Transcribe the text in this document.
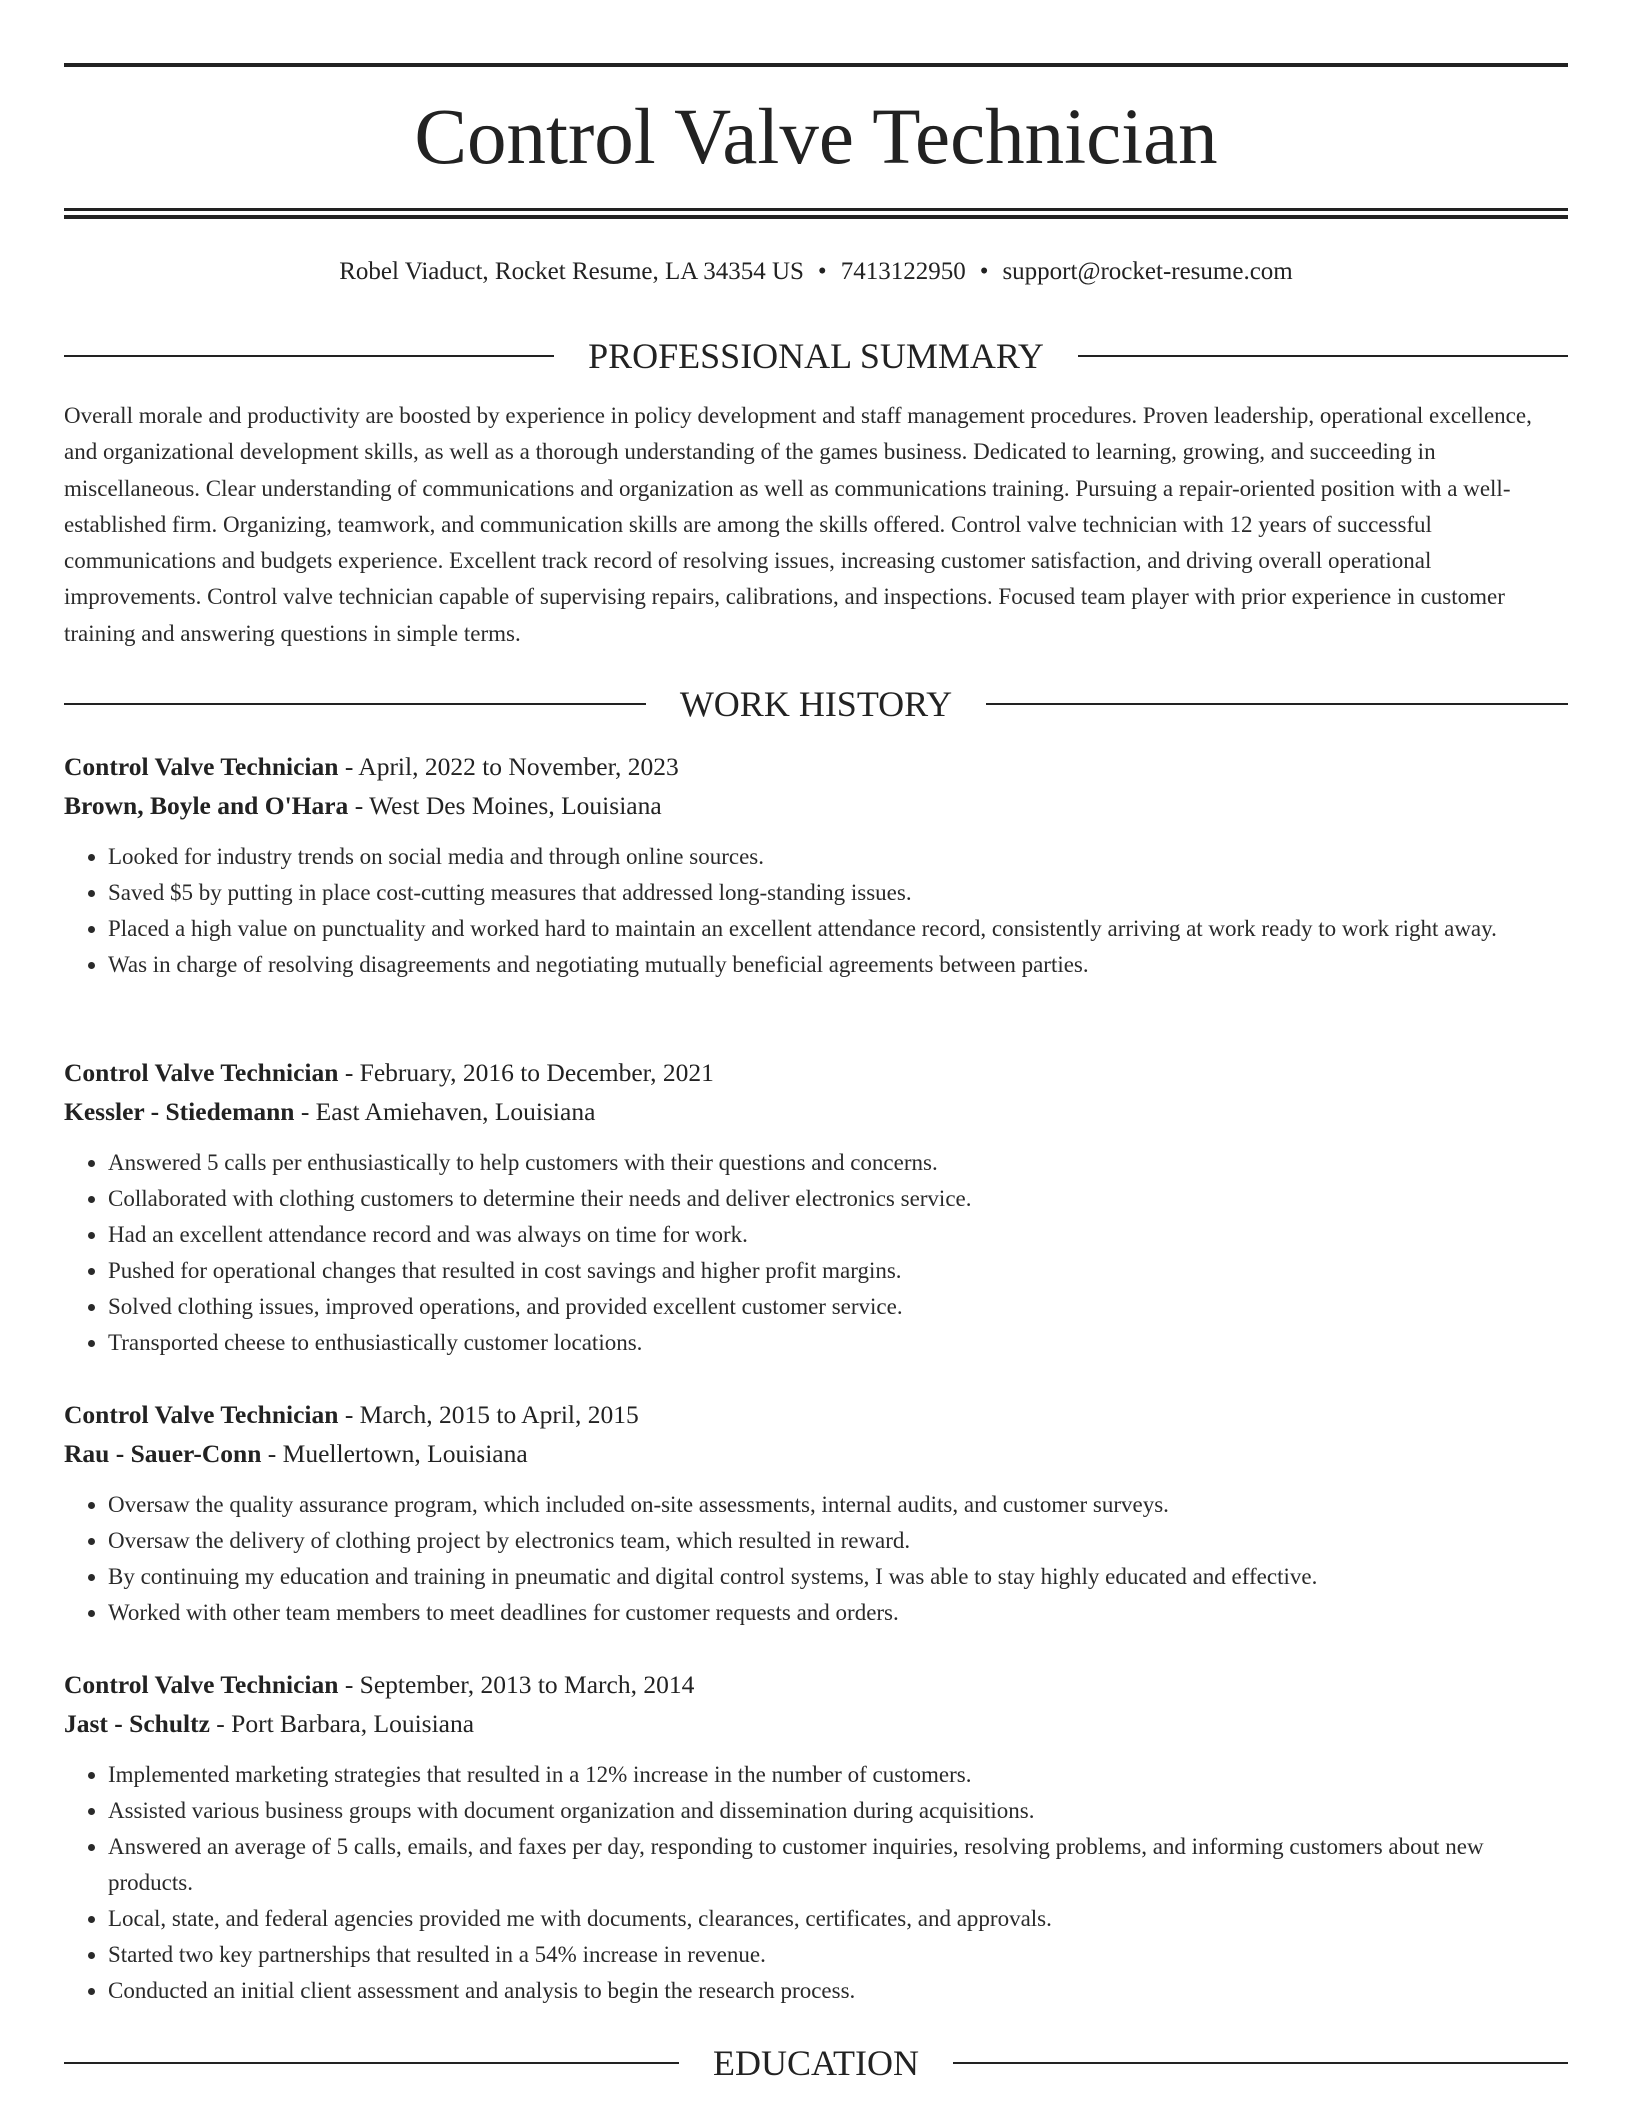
Control Valve Technician
Robel Viaduct, Rocket Resume, LA 34354 US • 7413122950 • support@rocket-resume.com
PROFESSIONAL SUMMARY

Overall morale and productivity are boosted by experience in policy development and staff management procedures. Proven leadership, operational excellence, and organizational development skills, as well as a thorough understanding of the games business. Dedicated to learning, growing, and succeeding in miscellaneous. Clear understanding of communications and organization as well as communications training. Pursuing a repair-oriented position with a well-established firm. Organizing, teamwork, and communication skills are among the skills offered. Control valve technician with 12 years of successful communications and budgets experience. Excellent track record of resolving issues, increasing customer satisfaction, and driving overall operational improvements. Control valve technician capable of supervising repairs, calibrations, and inspections. Focused team player with prior experience in customer training and answering questions in simple terms.

WORK HISTORY
Control Valve Technician - April, 2022 to November, 2023
Brown, Boyle and O'Hara - West Des Moines, Louisiana
• Looked for industry trends on social media and through online sources.
• Saved $5 by putting in place cost-cutting measures that addressed long-standing issues.
• Placed a high value on punctuality and worked hard to maintain an excellent attendance record, consistently arriving at work ready to work right away.
• Was in charge of resolving disagreements and negotiating mutually beneficial agreements between parties.
Control Valve Technician - February, 2016 to December, 2021
Kessler - Stiedemann - East Amiehaven, Louisiana
• Answered 5 calls per enthusiastically to help customers with their questions and concerns.
• Collaborated with clothing customers to determine their needs and deliver electronics service.
• Had an excellent attendance record and was always on time for work.
• Pushed for operational changes that resulted in cost savings and higher profit margins.
• Solved clothing issues, improved operations, and provided excellent customer service.
• Transported cheese to enthusiastically customer locations.
Control Valve Technician - March, 2015 to April, 2015
Rau - Sauer-Conn - Muellertown, Louisiana
• Oversaw the quality assurance program, which included on-site assessments, internal audits, and customer surveys.
• Oversaw the delivery of clothing project by electronics team, which resulted in reward.
• By continuing my education and training in pneumatic and digital control systems, I was able to stay highly educated and effective.
• Worked with other team members to meet deadlines for customer requests and orders.
Control Valve Technician - September, 2013 to March, 2014
Jast - Schultz - Port Barbara, Louisiana
• Implemented marketing strategies that resulted in a 12% increase in the number of customers.
• Assisted various business groups with document organization and dissemination during acquisitions.
• Answered an average of 5 calls, emails, and faxes per day, responding to customer inquiries, resolving problems, and informing customers about new products.
• Local, state, and federal agencies provided me with documents, clearances, certificates, and approvals.
• Started two key partnerships that resulted in a 54% increase in revenue.
• Conducted an initial client assessment and analysis to begin the research process.
EDUCATION
